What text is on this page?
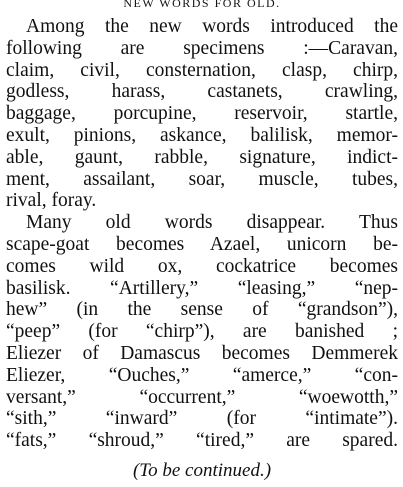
NEW WORDS FOR OLD.
Among the new words introduced the
following are specimens :—Caravan,
claim, civil, consternation, clasp, chirp,
godless, harass, castanets, crawling,
baggage, porcupine, reservoir, startle,
exult, pinions, askance, balilisk, memor-
able, gaunt, rabble, signature, indict-
ment, assailant, soar, muscle, tubes,
rival, foray.
Many old words disappear. Thus
scape-goat becomes Azael, unicorn be-
comes wild ox, cockatrice becomes
basilisk. “Artillery,” “leasing,” “nep-
hew” (in the sense of “grandson”),
“peep” (for “chirp”), are banished ;
Eliezer of Damascus becomes Demmerek
Eliezer, “Ouches,” “amerce,” “con-
versant,” “occurrent,” “woewotth,”
“sith,” “inward” (for “intimate”).
“fats,” “shroud,” “tired,” are spared.
(To be continued.)
